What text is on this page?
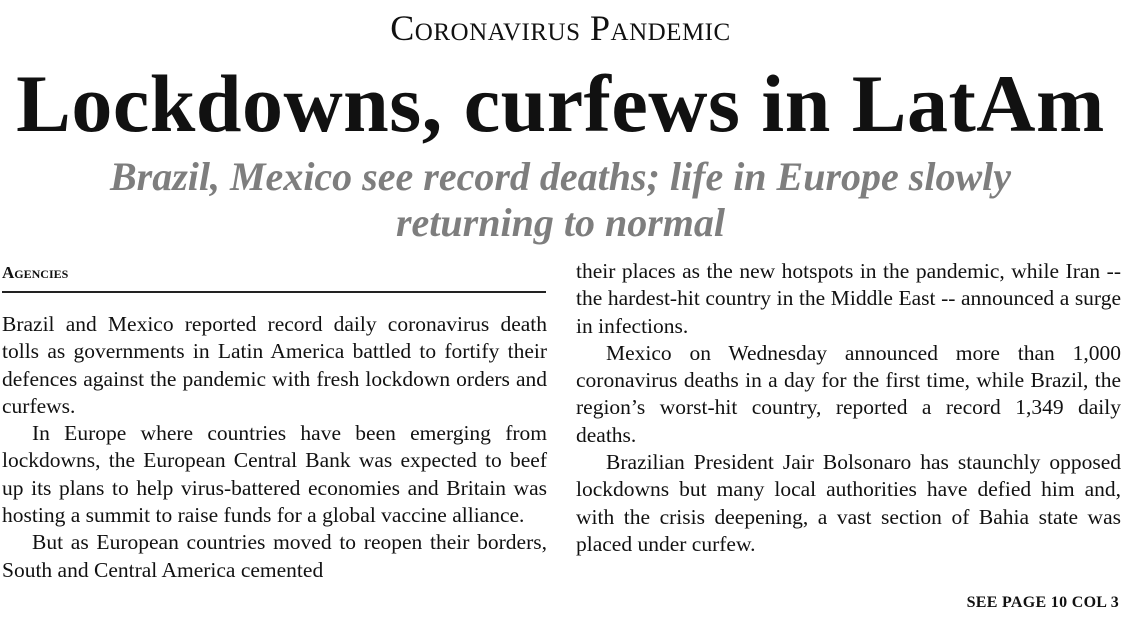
Coronavirus Pandemic
Lockdowns, curfews in LatAm
Brazil, Mexico see record deaths; life in Europe slowly returning to normal
Agencies

Brazil and Mexico reported record daily coronavirus death tolls as governments in Latin America battled to fortify their defences against the pandemic with fresh lockdown orders and curfews.

In Europe where countries have been emerging from lockdowns, the European Central Bank was expected to beef up its plans to help virus-battered economies and Britain was hosting a summit to raise funds for a global vaccine alliance.

But as European countries moved to reopen their borders, South and Central America cemented

their places as the new hotspots in the pandemic, while Iran -- the hardest-hit country in the Middle East -- announced a surge in infections.

Mexico on Wednesday announced more than 1,000 coronavirus deaths in a day for the first time, while Brazil, the region’s worst-hit country, reported a record 1,349 daily deaths.

Brazilian President Jair Bolsonaro has staunchly opposed lockdowns but many local authorities have defied him and, with the crisis deepening, a vast section of Bahia state was placed under curfew.

SEE PAGE 10 COL 3
